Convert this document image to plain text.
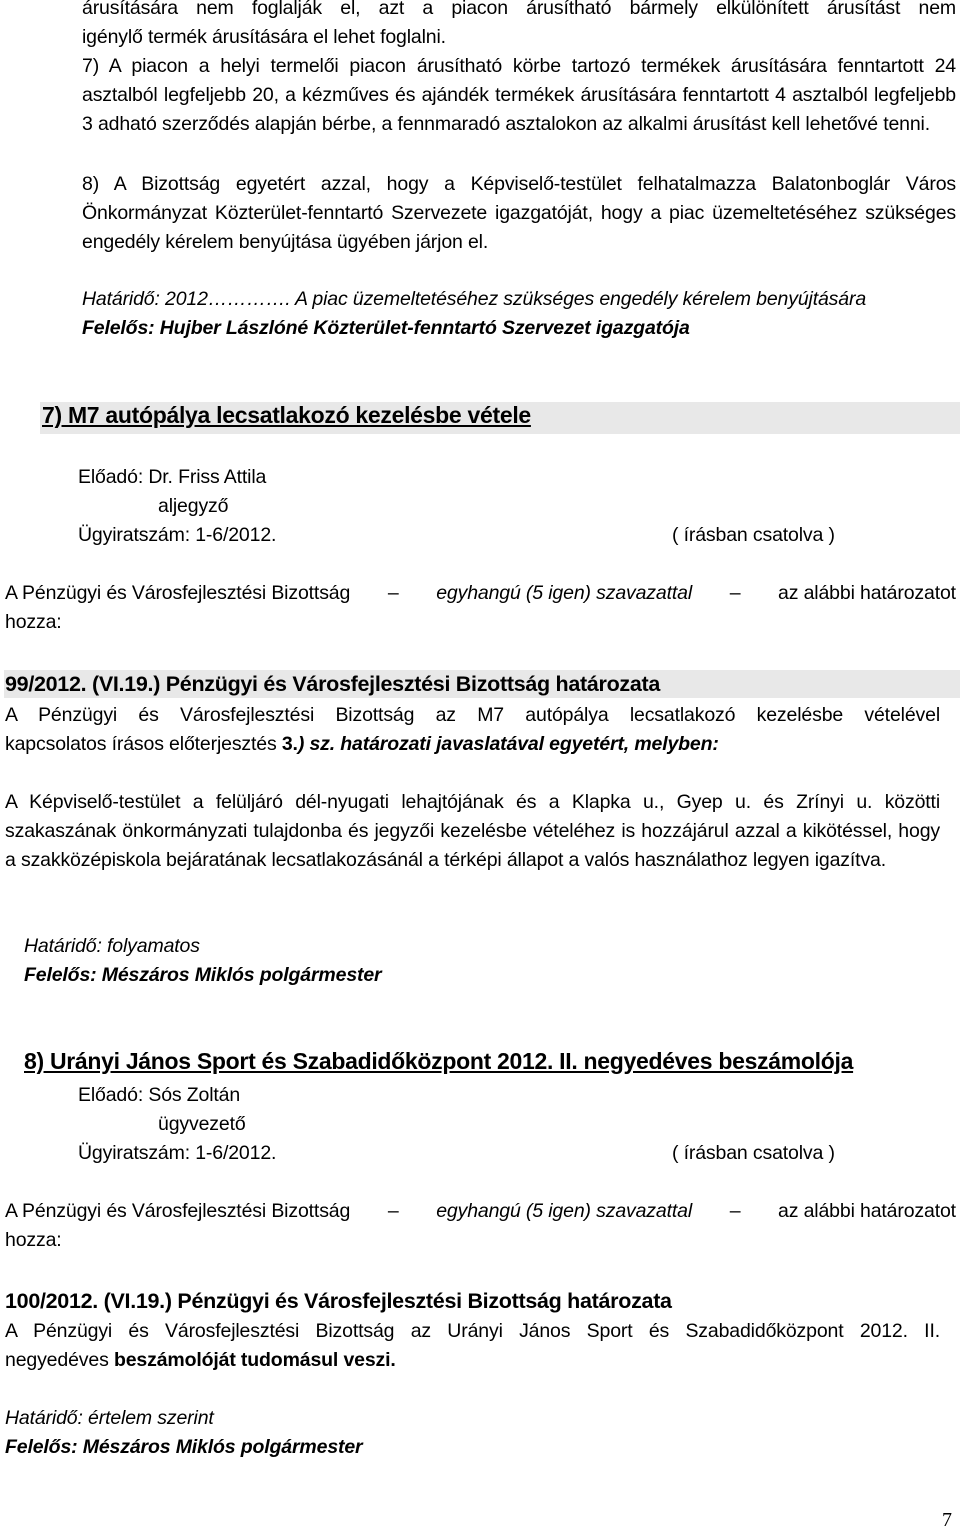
árusítására nem foglalják el, azt a piacon árusítható bármely elkülönített árusítást nem
igénylő termék árusítására el lehet foglalni.

7) A piacon a helyi termelői piacon árusítható körbe tartozó termékek árusítására fenntartott 24 asztalból legfeljebb 20, a kézműves és ajándék termékek árusítására fenntartott 4 asztalból legfeljebb 3 adható szerződés alapján bérbe, a fennmaradó asztalokon az alkalmi árusítást kell lehetővé tenni.

8) A Bizottság egyetért azzal, hogy a Képviselő-testület felhatalmazza Balatonboglár Város Önkormányzat Közterület-fenntartó Szervezete igazgatóját, hogy a piac üzemeltetéséhez szükséges engedély kérelem benyújtása ügyében járjon el.

Határidő: 2012…………. A piac üzemeltetéséhez szükséges engedély kérelem benyújtására
Felelős: Hujber Lászlóné Közterület-fenntartó Szervezet igazgatója
7) M7 autópálya lecsatlakozó kezelésbe vétele
Előadó: Dr. Friss Attila
aljegyző
Ügyiratszám: 1-6/2012.	( írásban csatolva )
A Pénzügyi és Városfejlesztési Bizottság – egyhangú (5 igen) szavazattal – az alábbi határozatot
hozza:
99/2012. (VI.19.) Pénzügyi és Városfejlesztési Bizottság határozata
A Pénzügyi és Városfejlesztési Bizottság az M7 autópálya lecsatlakozó kezelésbe vételével
kapcsolatos írásos előterjesztés 3.) sz. határozati javaslatával egyetért, melyben:

A Képviselő-testület a felüljáró dél-nyugati lehajtójának és a Klapka u., Gyep u. és Zrínyi u. közötti szakaszának önkormányzati tulajdonba és jegyzői kezelésbe vételéhez is hozzájárul azzal a kikötéssel, hogy a szakközépiskola bejáratának lecsatlakozásánál a térképi állapot a valós használathoz legyen igazítva.

Határidő: folyamatos
Felelős: Mészáros Miklós polgármester
8) Urányi János Sport és Szabadidőközpont 2012. II. negyedéves beszámolója
Előadó: Sós Zoltán
ügyvezető
Ügyiratszám: 1-6/2012.	( írásban csatolva )
A Pénzügyi és Városfejlesztési Bizottság – egyhangú (5 igen) szavazattal – az alábbi határozatot
hozza:
100/2012. (VI.19.) Pénzügyi és Városfejlesztési Bizottság határozata
A Pénzügyi és Városfejlesztési Bizottság az Urányi János Sport és Szabadidőközpont 2012. II.
negyedéves beszámolóját tudomásul veszi.
Határidő: értelem szerint
Felelős: Mészáros Miklós polgármester
7
